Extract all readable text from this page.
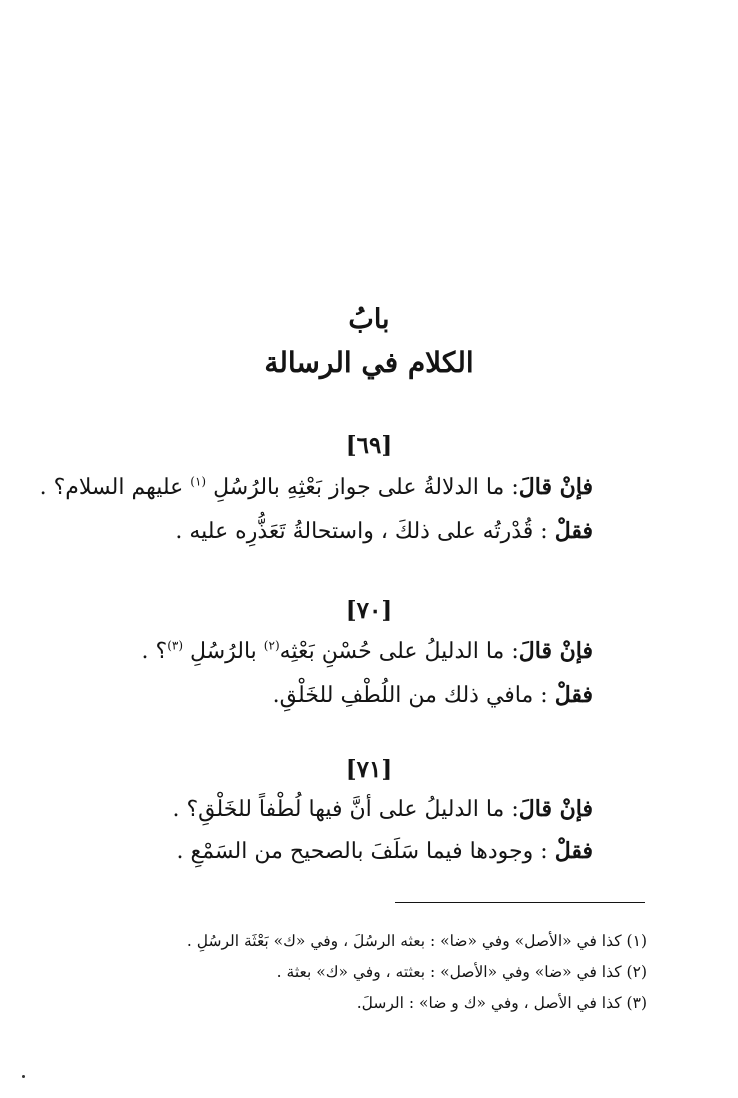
بابُ
الكلام في الرسالة
[٦٩]
فإنْ قالَ: ما الدلالةُ على جواز بَعْثِهِ بالرُسُلِ $^{(١)}$ عليهم السلام؟ .
فقلْ : قُدْرتُه على ذلكَ ، واستحالةُ تَعَذُّرِه عليه .
[٧٠]
فإنْ قالَ: ما الدليلُ على حُسْنِ بَعْثِه$^{(٢)}$ بالرُسُلِ $^{(٣)}$؟ .
فقلْ : مافي ذلك من اللُطْفِ للخَلْقِ.
[٧١]
فإنْ قالَ: ما الدليلُ على أنَّ فيها لُطْفاً للخَلْقِ؟ .
فقلْ : وجودها فيما سَلَفَ بالصحيح من السَمْعِ .
(١) كذا في «الأصل» وفي «ضا» : بعثه الرسُلَ ، وفي «ك» بَعْثَة الرسُلِ .
(٢) كذا في «ضا» وفي «الأصل» : بعثته ، وفي «ك» بعثة .
(٣) كذا في الأصل ، وفي «ك و ضا» : الرسلَ.
